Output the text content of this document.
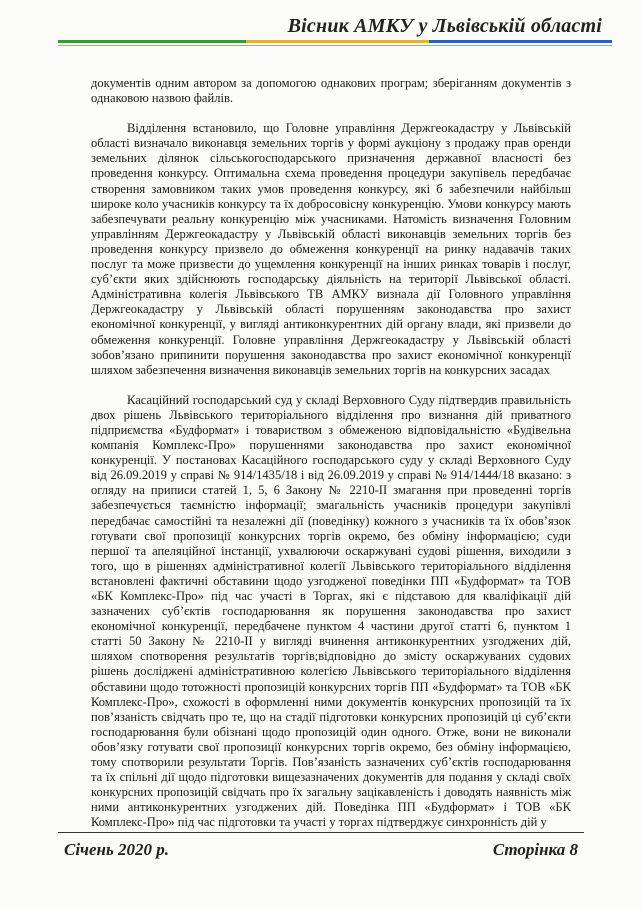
Вісник АМКУ у Львівській області

документів одним автором за допомогою однакових програм; зберіганням документів з однаковою назвою файлів.

Відділення встановило, що Головне управління Держгеокадастру у Львівській області визначало виконавця земельних торгів у формі аукціону з продажу прав оренди земельних ділянок сільськогосподарського призначення державної власності без проведення конкурсу. Оптимальна схема проведення процедури закупівель передбачає створення замовником таких умов проведення конкурсу, які б забезпечили найбільш широке коло учасників конкурсу та їх добросовісну конкуренцію. Умови конкурсу мають забезпечувати реальну конкуренцію між учасниками. Натомість визначення Головним управлінням Держгеокадастру у Львівській області виконавців земельних торгів без проведення конкурсу призвело до обмеження конкуренції на ринку надавачів таких послуг та може призвести до ущемлення конкуренції на інших ринках товарів і послуг, суб’єкти яких здійснюють господарську діяльність на території Львівської області. Адміністративна колегія Львівського ТВ АМКУ визнала дії Головного управління Держгеокадастру у Львівській області порушенням законодавства про захист економічної конкуренції, у вигляді антиконкурентних дій органу влади, які призвели до обмеження конкуренції. Головне управління Держгеокадастру у Львівській області зобов’язано припинити порушення законодавства про захист економічної конкуренції шляхом забезпечення визначення виконавців земельних торгів на конкурсних засадах

Касаційний господарський суд у складі Верховного Суду підтвердив правильність двох рішень Львівського територіального відділення про визнання дій приватного підприємства «Будформат» і товариством з обмеженою відповідальністю «Будівельна компанія Комплекс-Про» порушеннями законодавства про захист економічної конкуренції. У постановах Касаційного господарського суду у складі Верховного Суду від 26.09.2019 у справі № 914/1435/18 і від 26.09.2019 у справі № 914/1444/18 вказано: з огляду на приписи статей 1, 5, 6 Закону № 2210-ІІ змагання при проведенні торгів забезпечується таємністю інформації; змагальність учасників процедури закупівлі передбачає самостійні та незалежні дії (поведінку) кожного з учасників та їх обов’язок готувати свої пропозиції конкурсних торгів окремо, без обміну інформацією; суди першої та апеляційної інстанції, ухвалюючи оскаржувані судові рішення, виходили з того, що в рішеннях адміністративної колегії Львівського територіального відділення встановлені фактичні обставини щодо узгодженої поведінки ПП «Будформат» та ТОВ «БК Комплекс-Про» під час участі в Торгах, які є підставою для кваліфікації дій зазначених суб’єктів господарювання як порушення законодавства про захист економічної конкуренції, передбачене пунктом 4 частини другої статті 6, пунктом 1 статті 50 Закону № 2210-ІІ у вигляді вчинення антиконкурентних узгоджених дій, шляхом спотворення результатів торгів;відповідно до змісту оскаржуваних судових рішень досліджені адміністративною колегією Львівського територіального відділення обставини щодо тотожності пропозицій конкурсних торгів ПП «Будформат» та ТОВ «БК Комплекс-Про», схожості в оформленні ними документів конкурсних пропозицій та їх пов’язаність свідчать про те, що на стадії підготовки конкурсних пропозицій ці суб’єкти господарювання були обізнані щодо пропозицій один одного. Отже, вони не виконали обов’язку готувати свої пропозиції конкурсних торгів окремо, без обміну інформацією, тому спотворили результати Торгів. Пов’язаність зазначених суб’єктів господарювання та їх спільні дії щодо підготовки вищезазначених документів для подання у складі своїх конкурсних пропозицій свідчать про їх загальну зацікавленість і доводять наявність між ними антиконкурентних узгоджених дій. Поведінка ПП «Будформат» і ТОВ «БК Комплекс-Про» під час підготовки та участі у торгах підтверджує синхронність дій у

Січень 2020 р.	Сторінка 8
